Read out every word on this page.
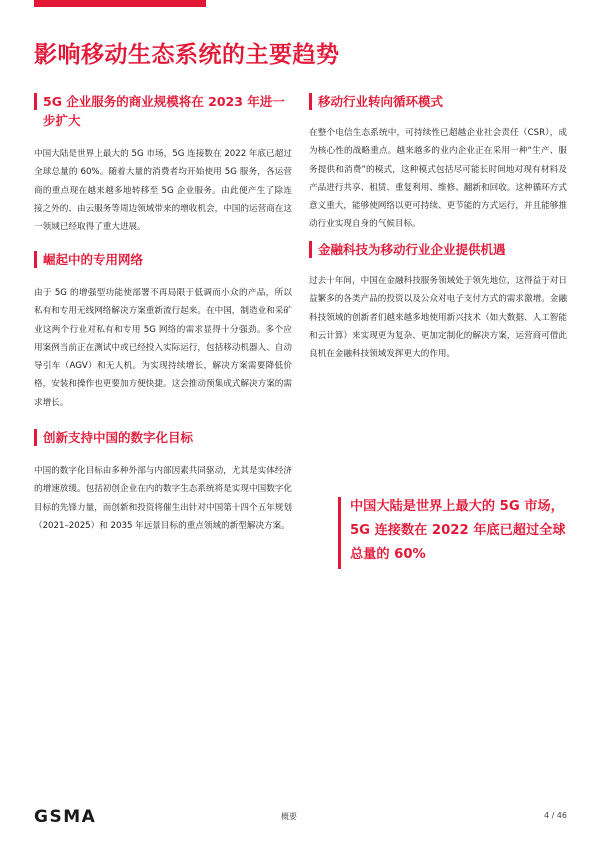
影响移动生态系统的主要趋势
5G 企业服务的商业规模将在 2023 年进一步扩大

中国大陆是世界上最大的 5G 市场，5G 连接数在 2022 年底已超过全球总量的 60%。随着大量的消费者均开始使用 5G 服务，各运营商的重点现在越来越多地转移至 5G 企业服务。由此便产生了除连接之外的、由云服务等周边领域带来的增收机会，中国的运营商在这一领域已经取得了重大进展。

崛起中的专用网络

由于 5G 的增强型功能使部署不再局限于低调而小众的产品，所以私有和专用无线网络解决方案重新流行起来。在中国，制造业和采矿业这两个行业对私有和专用 5G 网络的需求显得十分强劲。多个应用案例当前正在测试中或已经投入实际运行，包括移动机器人、自动导引车（AGV）和无人机。为实现持续增长，解决方案需要降低价格，安装和操作也更要加方便快捷。这会推动预集成式解决方案的需求增长。

创新支持中国的数字化目标

中国的数字化目标由多种外部与内部因素共同驱动，尤其是实体经济的增速放缓。包括初创企业在内的数字生态系统将是实现中国数字化目标的先锋力量，而创新和投资将催生出针对中国第十四个五年规划（2021–2025）和 2035 年远景目标的重点领域的新型解决方案。

移动行业转向循环模式

在整个电信生态系统中，可持续性已超越企业社会责任（CSR），成为核心性的战略重点。越来越多的业内企业正在采用一种“生产、服务提供和消费”的模式，这种模式包括尽可能长时间地对现有材料及产品进行共享、租赁、重复利用、维修、翻新和回收。这种循环方式意义重大，能够使网络以更可持续、更节能的方式运行，并且能够推动行业实现自身的气候目标。

金融科技为移动行业企业提供机遇

过去十年间，中国在金融科技服务领域处于领先地位，这得益于对日益繁多的各类产品的投资以及公众对电子支付方式的需求激增。金融科技领域的创新者们越来越多地使用新兴技术（如大数据、人工智能和云计算）来实现更为复杂、更加定制化的解决方案，运营商可借此良机在金融科技领域发挥更大的作用。

中国大陆是世界上最大的 5G 市场，5G 连接数在 2022 年底已超过全球总量的 60%
GSMA	概要	4 / 46
